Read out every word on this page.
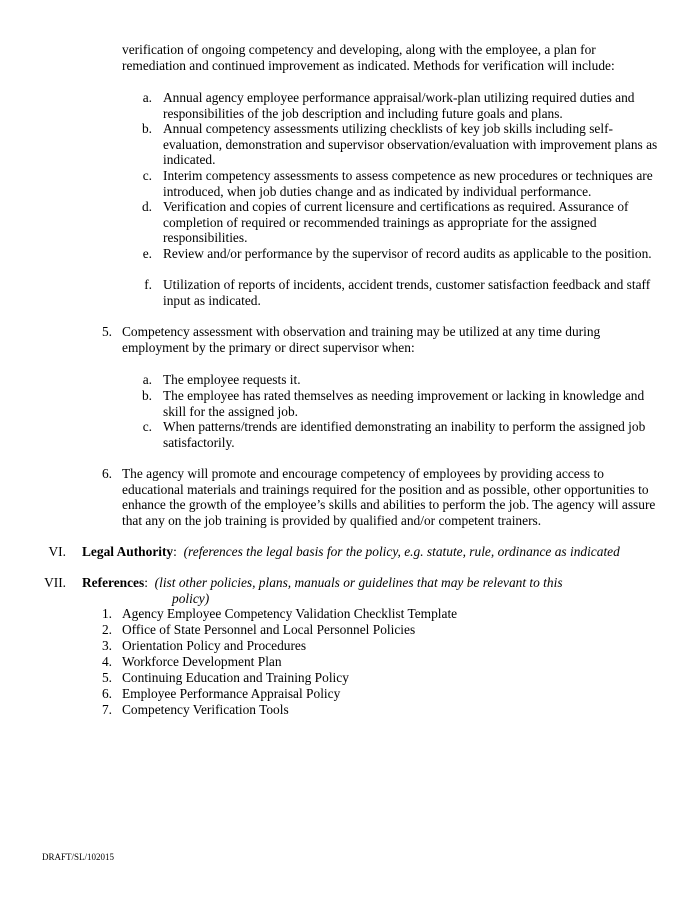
verification of ongoing competency and developing, along with the employee, a plan for remediation and continued improvement as indicated. Methods for verification will include:
a. Annual agency employee performance appraisal/work-plan utilizing required duties and responsibilities of the job description and including future goals and plans.
b. Annual competency assessments utilizing checklists of key job skills including self-evaluation, demonstration and supervisor observation/evaluation with improvement plans as indicated.
c. Interim competency assessments to assess competence as new procedures or techniques are introduced, when job duties change and as indicated by individual performance.
d. Verification and copies of current licensure and certifications as required. Assurance of completion of required or recommended trainings as appropriate for the assigned responsibilities.
e. Review and/or performance by the supervisor of record audits as applicable to the position.
f. Utilization of reports of incidents, accident trends, customer satisfaction feedback and staff input as indicated.
5. Competency assessment with observation and training may be utilized at any time during employment by the primary or direct supervisor when:
a. The employee requests it.
b. The employee has rated themselves as needing improvement or lacking in knowledge and skill for the assigned job.
c. When patterns/trends are identified demonstrating an inability to perform the assigned job satisfactorily.
6. The agency will promote and encourage competency of employees by providing access to educational materials and trainings required for the position and as possible, other opportunities to enhance the growth of the employee’s skills and abilities to perform the job. The agency will assure that any on the job training is provided by qualified and/or competent trainers.
VI. Legal Authority: (references the legal basis for the policy, e.g. statute, rule, ordinance as indicated
VII. References: (list other policies, plans, manuals or guidelines that may be relevant to this
policy)
1. Agency Employee Competency Validation Checklist Template
2. Office of State Personnel and Local Personnel Policies
3. Orientation Policy and Procedures
4. Workforce Development Plan
5. Continuing Education and Training Policy
6. Employee Performance Appraisal Policy
7. Competency Verification Tools
DRAFT/SL/102015
